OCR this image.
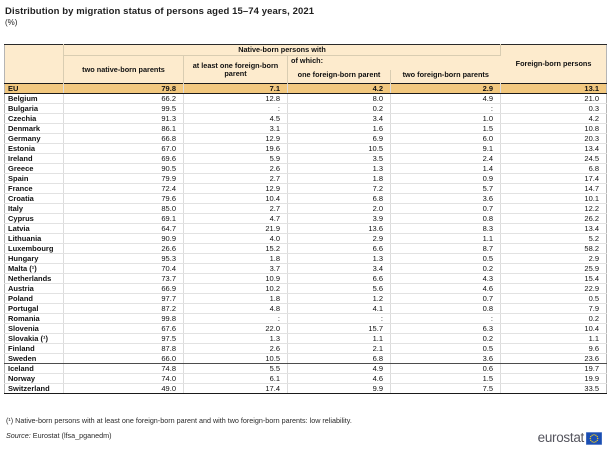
Distribution by migration status of persons aged 15–74 years, 2021
(%)
	Native-born persons with				Foreign-born persons
	two native-born parents	at least one foreign-born parent	of which:		
			one foreign-born parent	two foreign-born parents	
EU	79.8	7.1	4.2	2.9	13.1
Belgium	66.2	12.8	8.0	4.9	21.0
Bulgaria	99.5	:	0.2	:	0.3
Czechia	91.3	4.5	3.4	1.0	4.2
Denmark	86.1	3.1	1.6	1.5	10.8
Germany	66.8	12.9	6.9	6.0	20.3
Estonia	67.0	19.6	10.5	9.1	13.4
Ireland	69.6	5.9	3.5	2.4	24.5
Greece	90.5	2.6	1.3	1.4	6.8
Spain	79.9	2.7	1.8	0.9	17.4
France	72.4	12.9	7.2	5.7	14.7
Croatia	79.6	10.4	6.8	3.6	10.1
Italy	85.0	2.7	2.0	0.7	12.2
Cyprus	69.1	4.7	3.9	0.8	26.2
Latvia	64.7	21.9	13.6	8.3	13.4
Lithuania	90.9	4.0	2.9	1.1	5.2
Luxembourg	26.6	15.2	6.6	8.7	58.2
Hungary	95.3	1.8	1.3	0.5	2.9
Malta (¹)	70.4	3.7	3.4	0.2	25.9
Netherlands	73.7	10.9	6.6	4.3	15.4
Austria	66.9	10.2	5.6	4.6	22.9
Poland	97.7	1.8	1.2	0.7	0.5
Portugal	87.2	4.8	4.1	0.8	7.9
Romania	99.8	:	:	:	0.2
Slovenia	67.6	22.0	15.7	6.3	10.4
Slovakia (¹)	97.5	1.3	1.1	0.2	1.1
Finland	87.8	2.6	2.1	0.5	9.6
Sweden	66.0	10.5	6.8	3.6	23.6
Iceland	74.8	5.5	4.9	0.6	19.7
Norway	74.0	6.1	4.6	1.5	19.9
Switzerland	49.0	17.4	9.9	7.5	33.5
(¹) Native-born persons with at least one foreign-born parent and with two foreign-born parents: low reliability.
Source: Eurostat (lfsa_pganedm)	eurostat
